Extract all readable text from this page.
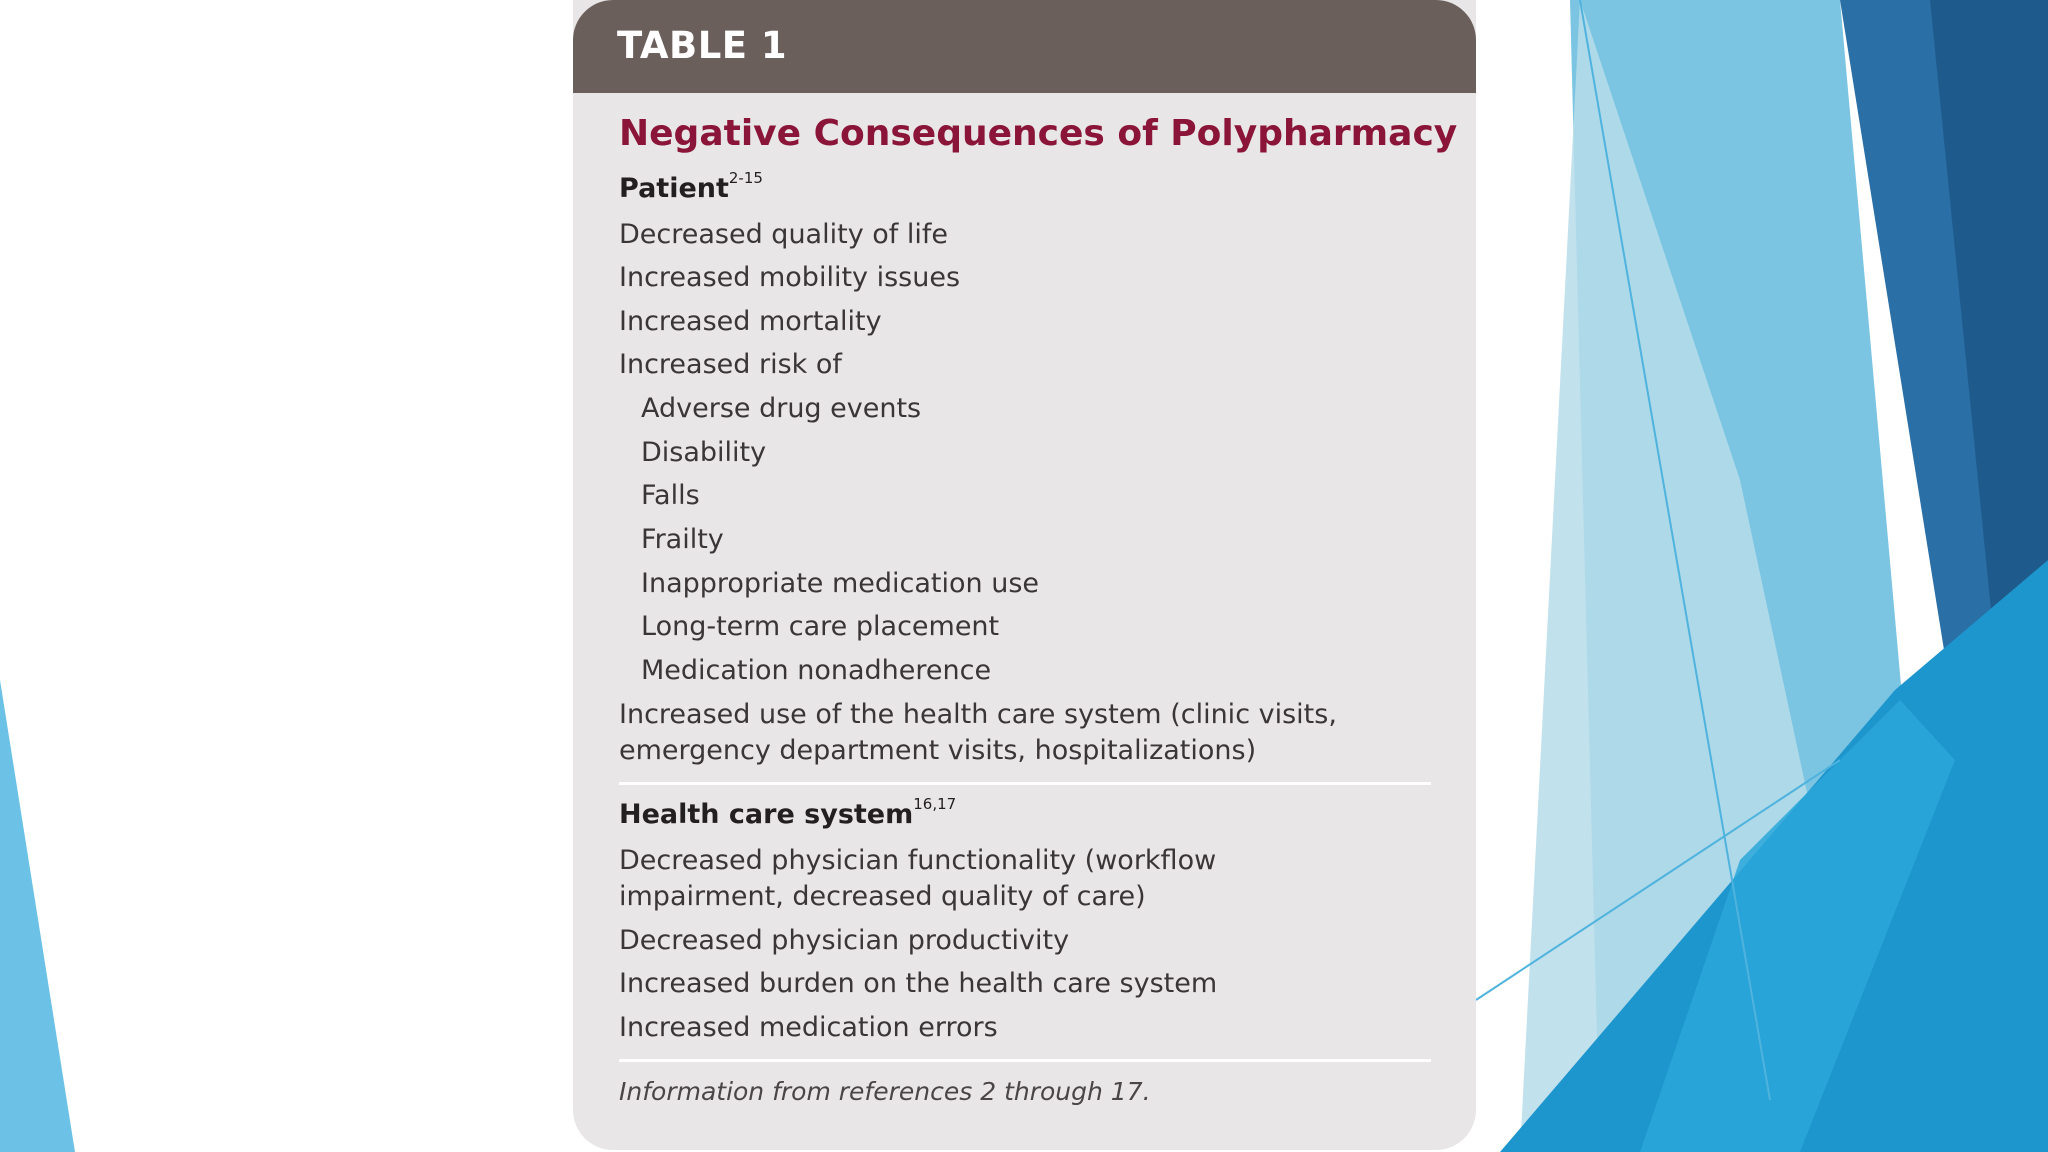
TABLE 1
Negative Consequences of Polypharmacy
Patient$^{2-15}$
Decreased quality of life
Increased mobility issues
Increased mortality
Increased risk of
Adverse drug events
Disability
Falls
Frailty
Inappropriate medication use
Long-term care placement
Medication nonadherence
Increased use of the health care system (clinic visits,
emergency department visits, hospitalizations)
Health care system$^{16,17}$
Decreased physician functionality (workflow
impairment, decreased quality of care)
Decreased physician productivity
Increased burden on the health care system
Increased medication errors
Information from references 2 through 17.
